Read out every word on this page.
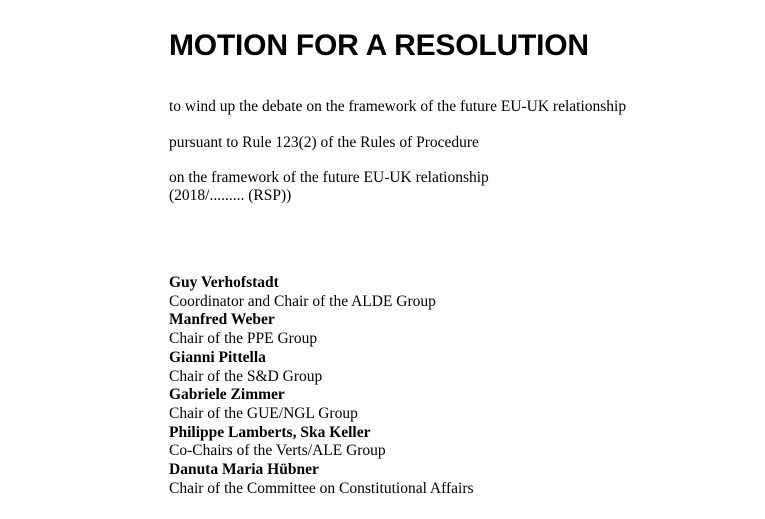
MOTION FOR A RESOLUTION

to wind up the debate on the framework of the future EU-UK relationship

pursuant to Rule 123(2) of the Rules of Procedure

on the framework of the future EU-UK relationship

(2018/......... (RSP))

Guy Verhofstadt
Coordinator and Chair of the ALDE Group
Manfred Weber
Chair of the PPE Group
Gianni Pittella
Chair of the S&D Group
Gabriele Zimmer
Chair of the GUE/NGL Group
Philippe Lamberts, Ska Keller
Co-Chairs of the Verts/ALE Group
Danuta Maria Hübner
Chair of the Committee on Constitutional Affairs
